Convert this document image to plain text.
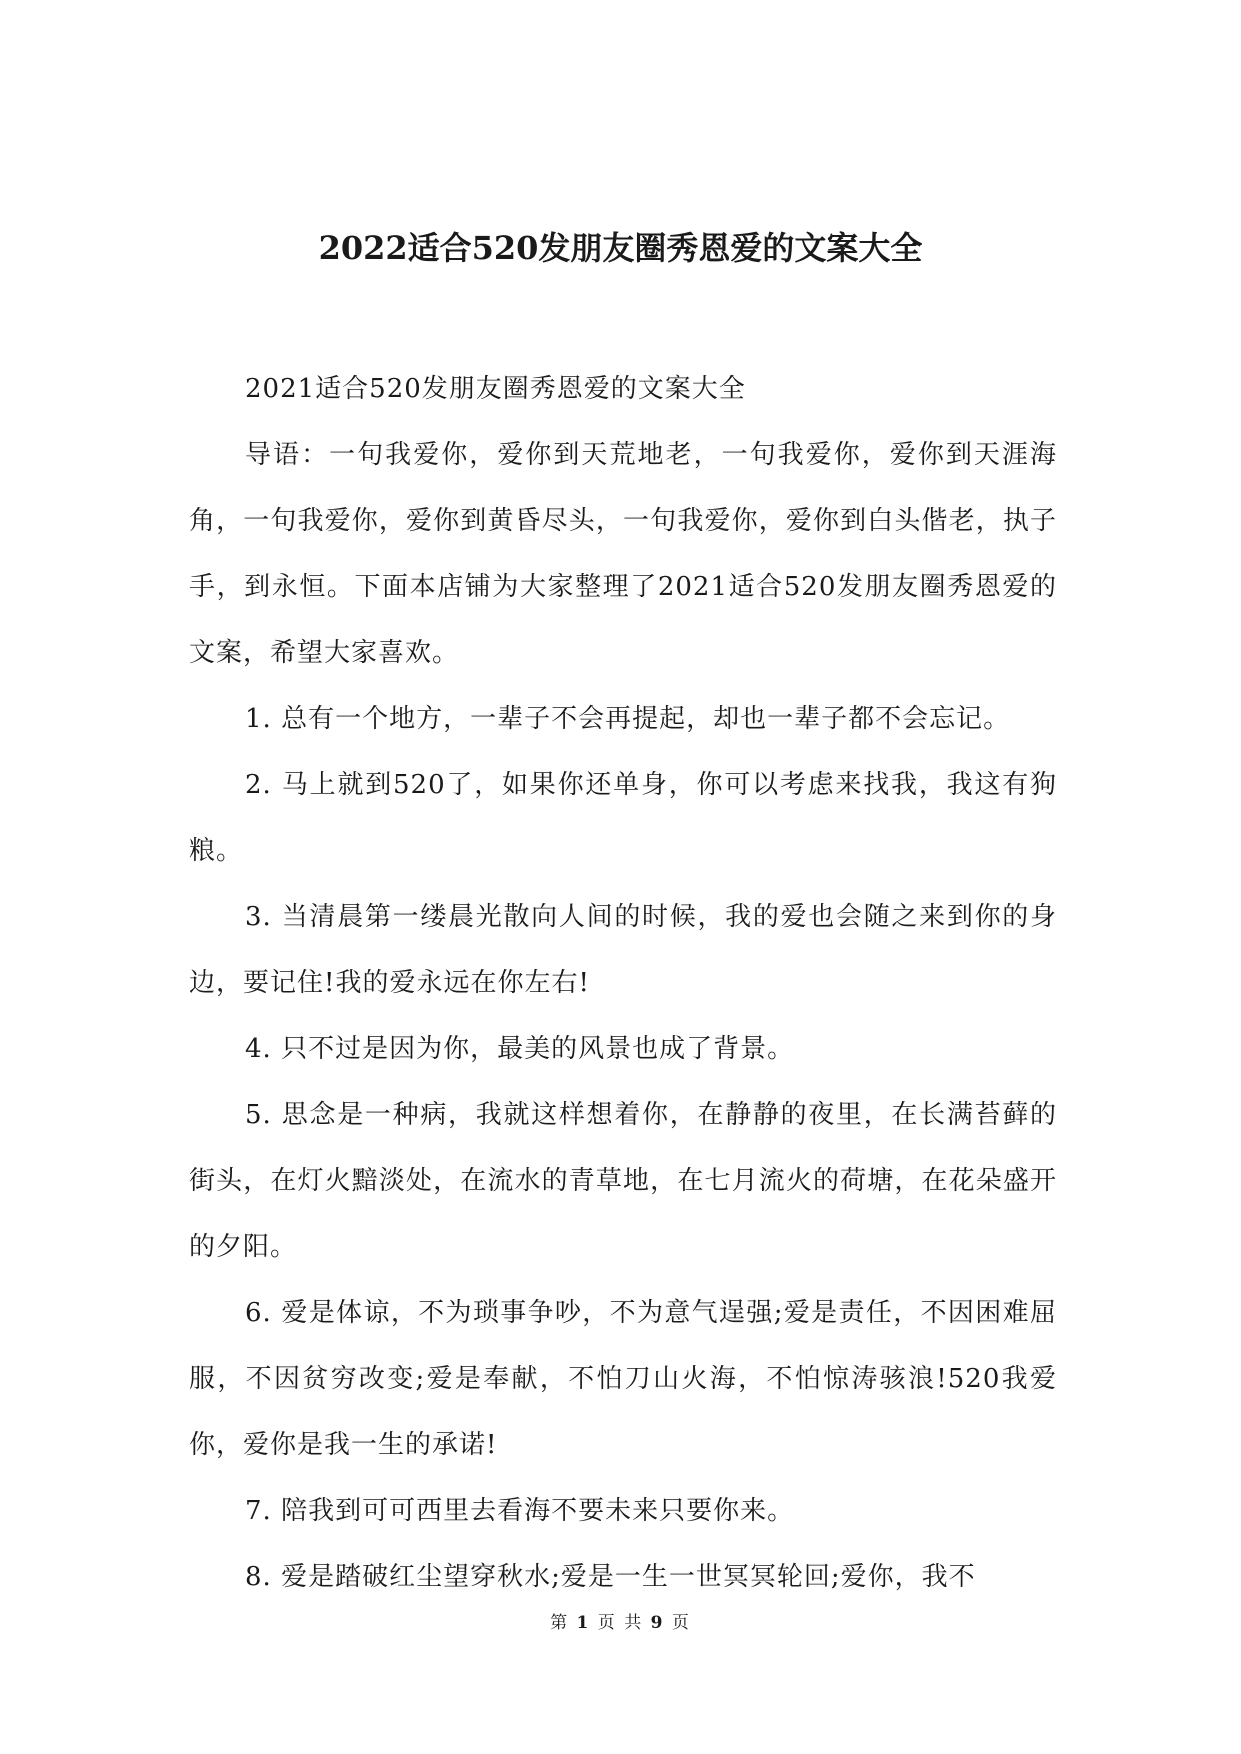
2022适合520发朋友圈秀恩爱的文案大全

2021适合520发朋友圈秀恩爱的文案大全

导语：一句我爱你，爱你到天荒地老，一句我爱你，爱你到天涯海角，一句我爱你，爱你到黄昏尽头，一句我爱你，爱你到白头偕老，执子手，到永恒。下面本店铺为大家整理了2021适合520发朋友圈秀恩爱的文案，希望大家喜欢。

1. 总有一个地方，一辈子不会再提起，却也一辈子都不会忘记。

2. 马上就到520了，如果你还单身，你可以考虑来找我，我这有狗粮。

3. 当清晨第一缕晨光散向人间的时候，我的爱也会随之来到你的身边，要记住!我的爱永远在你左右!

4. 只不过是因为你，最美的风景也成了背景。

5. 思念是一种病，我就这样想着你，在静静的夜里，在长满苔藓的街头，在灯火黯淡处，在流水的青草地，在七月流火的荷塘，在花朵盛开的夕阳。

6. 爱是体谅，不为琐事争吵，不为意气逞强;爱是责任，不因困难屈服，不因贫穷改变;爱是奉献，不怕刀山火海，不怕惊涛骇浪!520我爱你，爱你是我一生的承诺!

7. 陪我到可可西里去看海不要未来只要你来。

8. 爱是踏破红尘望穿秋水;爱是一生一世冥冥轮回;爱你，我不

第 1 页 共 9 页
